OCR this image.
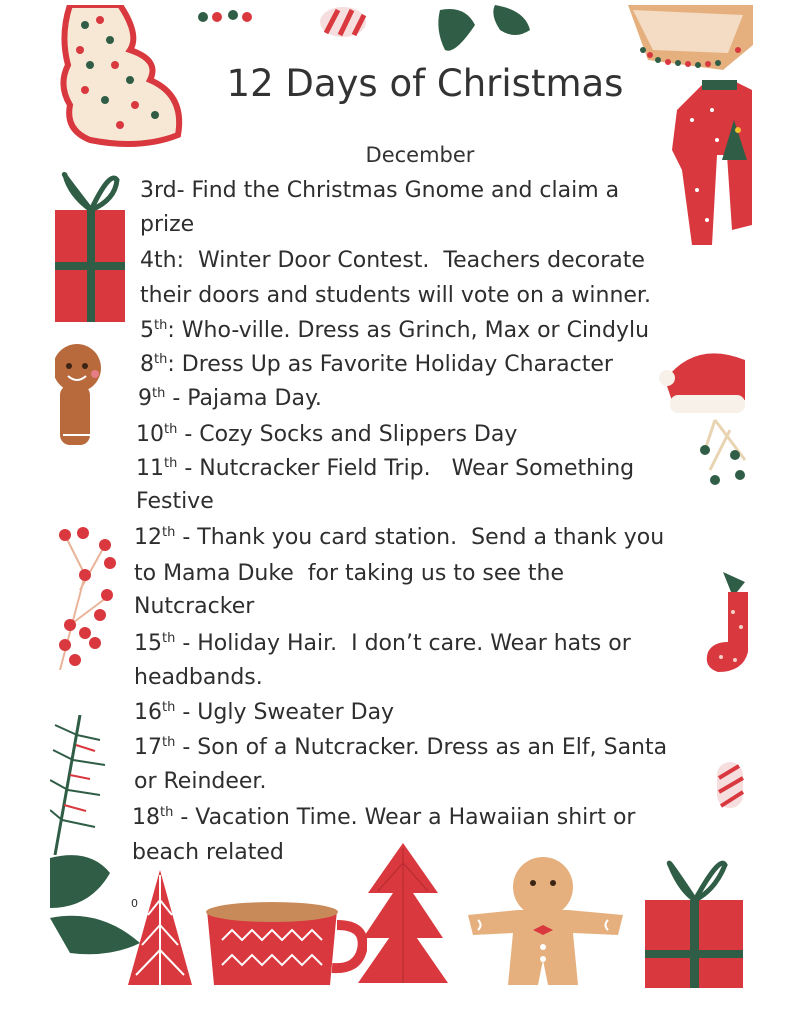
12 Days of Christmas
December
3rd- Find the Christmas Gnome and claim a
prize
4th:  Winter Door Contest.  Teachers decorate
their doors and students will vote on a winner.
5th: Who-ville. Dress as Grinch, Max or Cindylu
8th: Dress Up as Favorite Holiday Character
9th - Pajama Day.
10th - Cozy Socks and Slippers Day
11th - Nutcracker Field Trip.   Wear Something
Festive
12th - Thank you card station.  Send a thank you
to Mama Duke  for taking us to see the
Nutcracker
15th - Holiday Hair.  I don’t care. Wear hats or
headbands.
16th - Ugly Sweater Day
17th - Son of a Nutcracker. Dress as an Elf, Santa
or Reindeer.
18th - Vacation Time. Wear a Hawaiian shirt or
beach related
0
